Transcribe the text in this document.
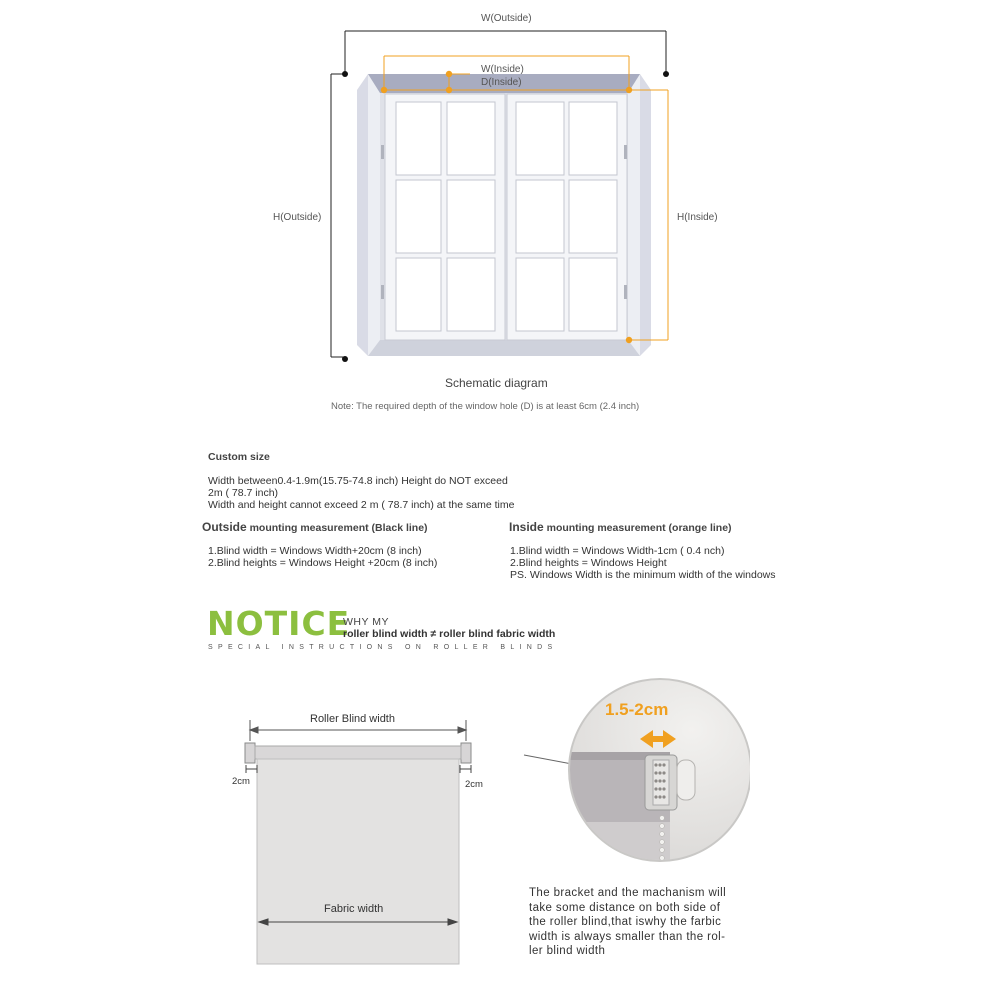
W(Outside)
W(Inside)
D(Inside)
H(Outside)	H(Inside)
Schematic diagram
Note: The required depth of the window hole (D) is at least 6cm (2.4 inch)
Custom size
Width between0.4-1.9m(15.75-74.8 inch) Height do NOT exceed
2m ( 78.7 inch)
Width and height cannot exceed 2 m ( 78.7 inch) at the same time
Outside mounting measurement (Black line)
1.Blind width = Windows Width+20cm (8 inch)
2.Blind heights = Windows Height +20cm (8 inch)
Inside mounting measurement (orange line)
1.Blind width = Windows Width-1cm ( 0.4 nch)
2.Blind heights = Windows Height
PS. Windows Width is the minimum width of the windows
NOTICE
WHY MY
roller blind width ≠ roller blind fabric width
SPECIAL INSTRUCTIONS ON ROLLER BLINDS
Roller Blind width
2cm	2cm
Fabric width
1.5-2cm
The bracket and the machanism will
take some distance on both side of
the roller blind,that iswhy the farbic
width is always smaller than the rol-
ler blind width
